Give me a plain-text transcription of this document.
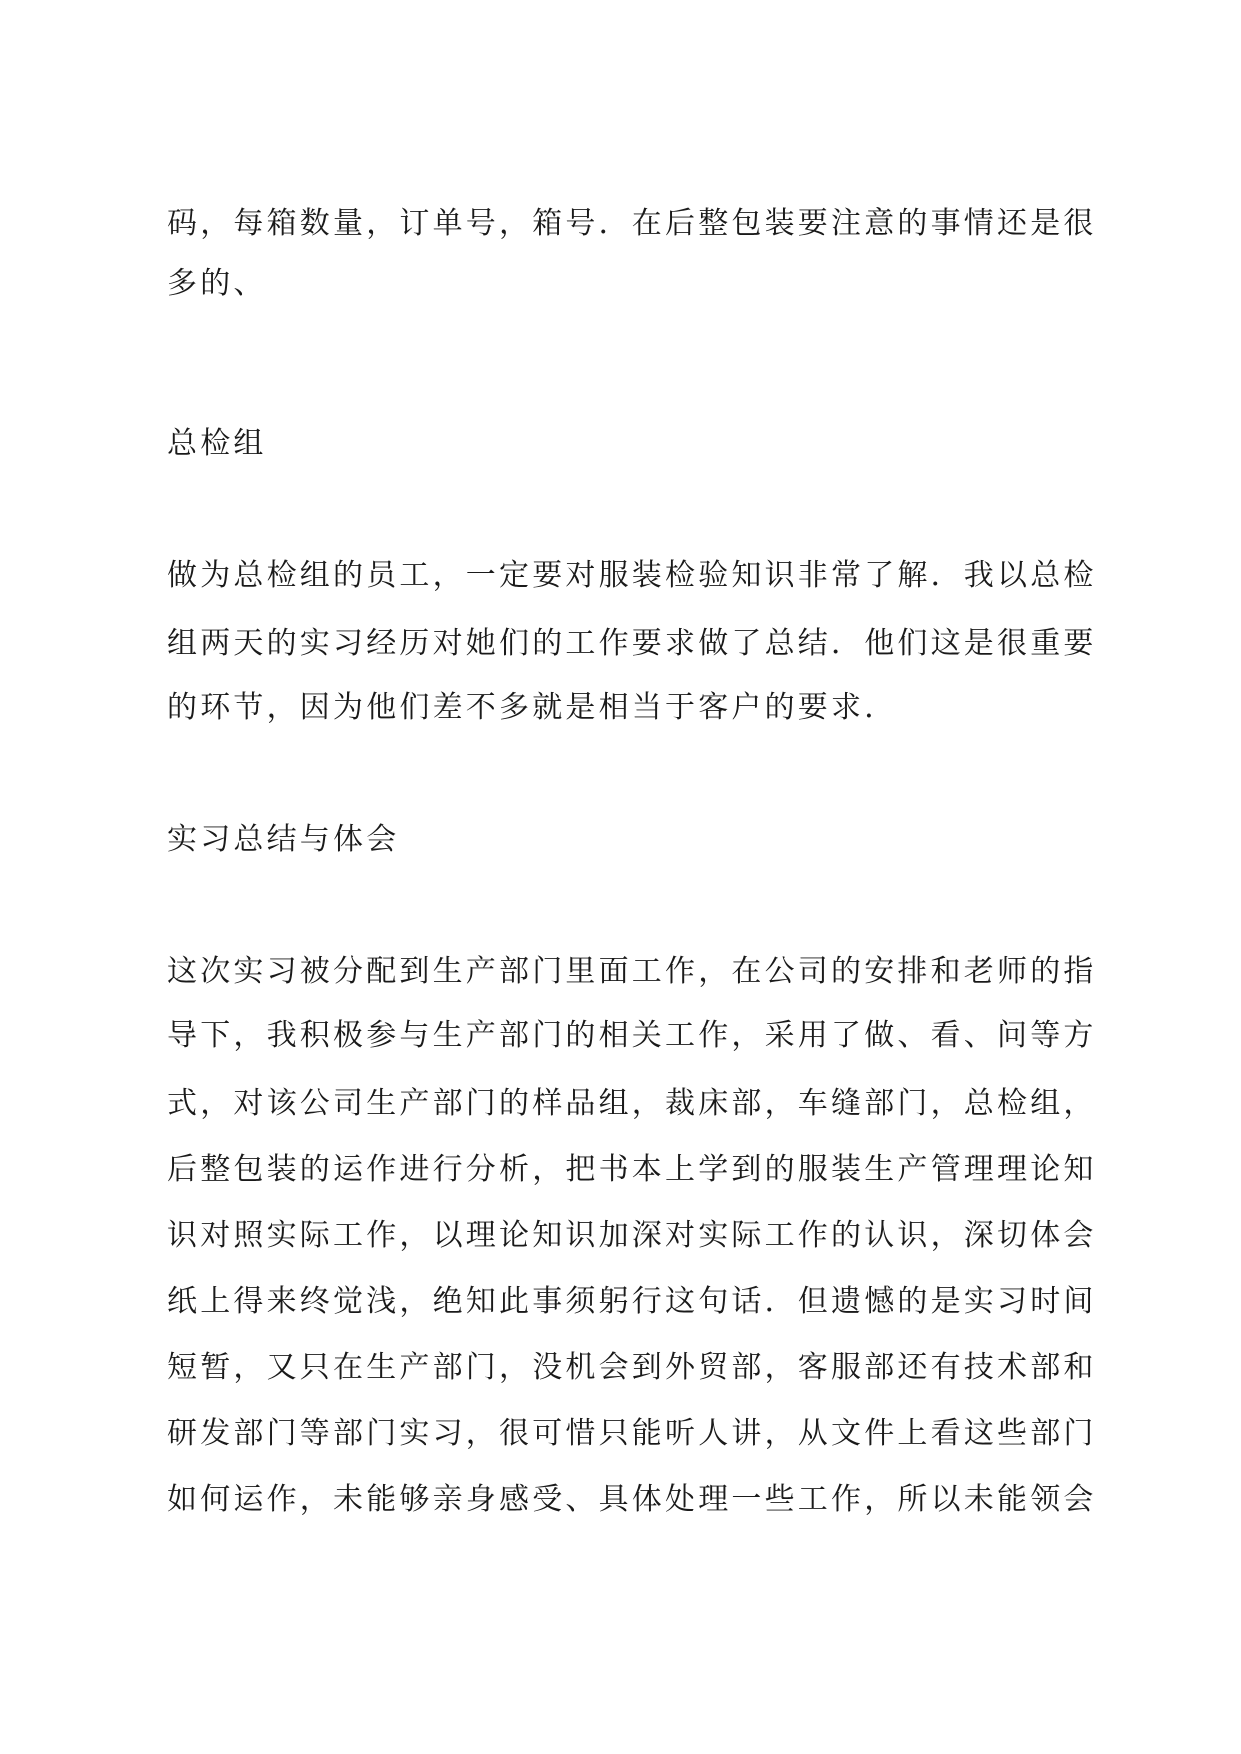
码，每箱数量，订单号，箱号．在后整包装要注意的事情还是很
多的、
总检组
做为总检组的员工，一定要对服装检验知识非常了解．我以总检
组两天的实习经历对她们的工作要求做了总结．他们这是很重要
的环节，因为他们差不多就是相当于客户的要求．
实习总结与体会
这次实习被分配到生产部门里面工作，在公司的安排和老师的指
导下，我积极参与生产部门的相关工作，采用了做、看、问等方
式，对该公司生产部门的样品组，裁床部，车缝部门，总检组，
后整包装的运作进行分析，把书本上学到的服装生产管理理论知
识对照实际工作，以理论知识加深对实际工作的认识，深切体会
纸上得来终觉浅，绝知此事须躬行这句话．但遗憾的是实习时间
短暂，又只在生产部门，没机会到外贸部，客服部还有技术部和
研发部门等部门实习，很可惜只能听人讲，从文件上看这些部门
如何运作，未能够亲身感受、具体处理一些工作，所以未能领会
